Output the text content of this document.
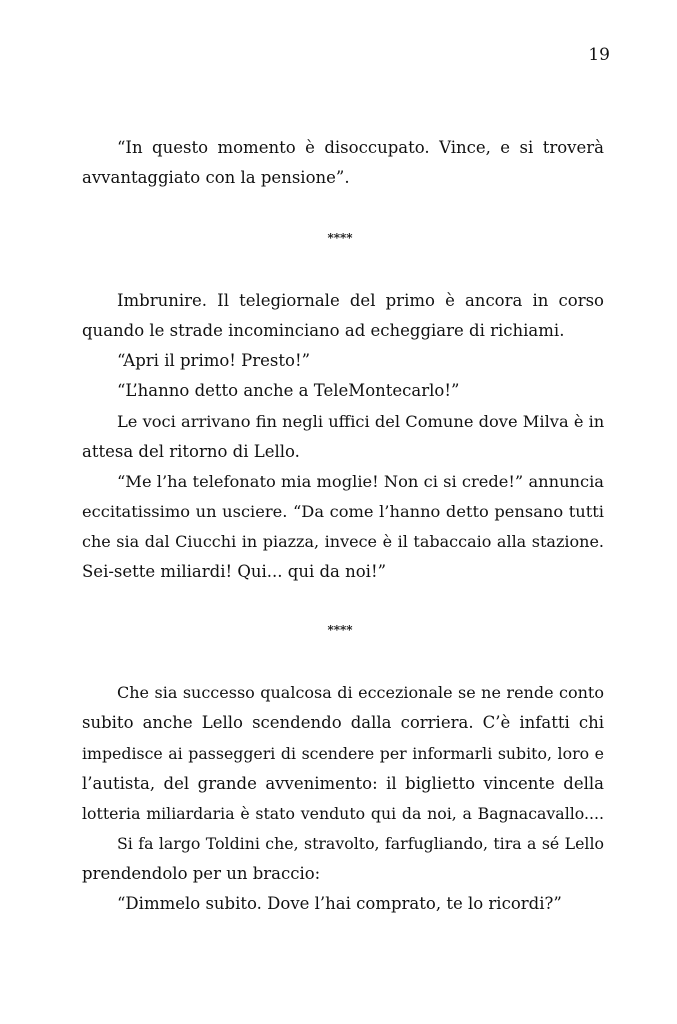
19
“In questo momento è disoccupato. Vince, e si troverà
avvantaggiato con la pensione”.
****
Imbrunire. Il telegiornale del primo è ancora in corso
quando le strade incominciano ad echeggiare di richiami.
“Apri il primo! Presto!”
“L’hanno detto anche a TeleMontecarlo!”
Le voci arrivano fin negli uffici del Comune dove Milva è in
attesa del ritorno di Lello.
“Me l’ha telefonato mia moglie! Non ci si crede!” annuncia
eccitatissimo un usciere. “Da come l’hanno detto pensano tutti
che sia dal Ciucchi in piazza, invece è il tabaccaio alla stazione.
Sei-sette miliardi! Qui... qui da noi!”
****
Che sia successo qualcosa di eccezionale se ne rende conto
subito anche Lello scendendo dalla corriera. C’è infatti chi
impedisce ai passeggeri di scendere per informarli subito, loro e
l’autista, del grande avvenimento: il biglietto vincente della
lotteria miliardaria è stato venduto qui da noi, a Bagnacavallo....
Si fa largo Toldini che, stravolto, farfugliando, tira a sé Lello
prendendolo per un braccio:
“Dimmelo subito. Dove l’hai comprato, te lo ricordi?”
